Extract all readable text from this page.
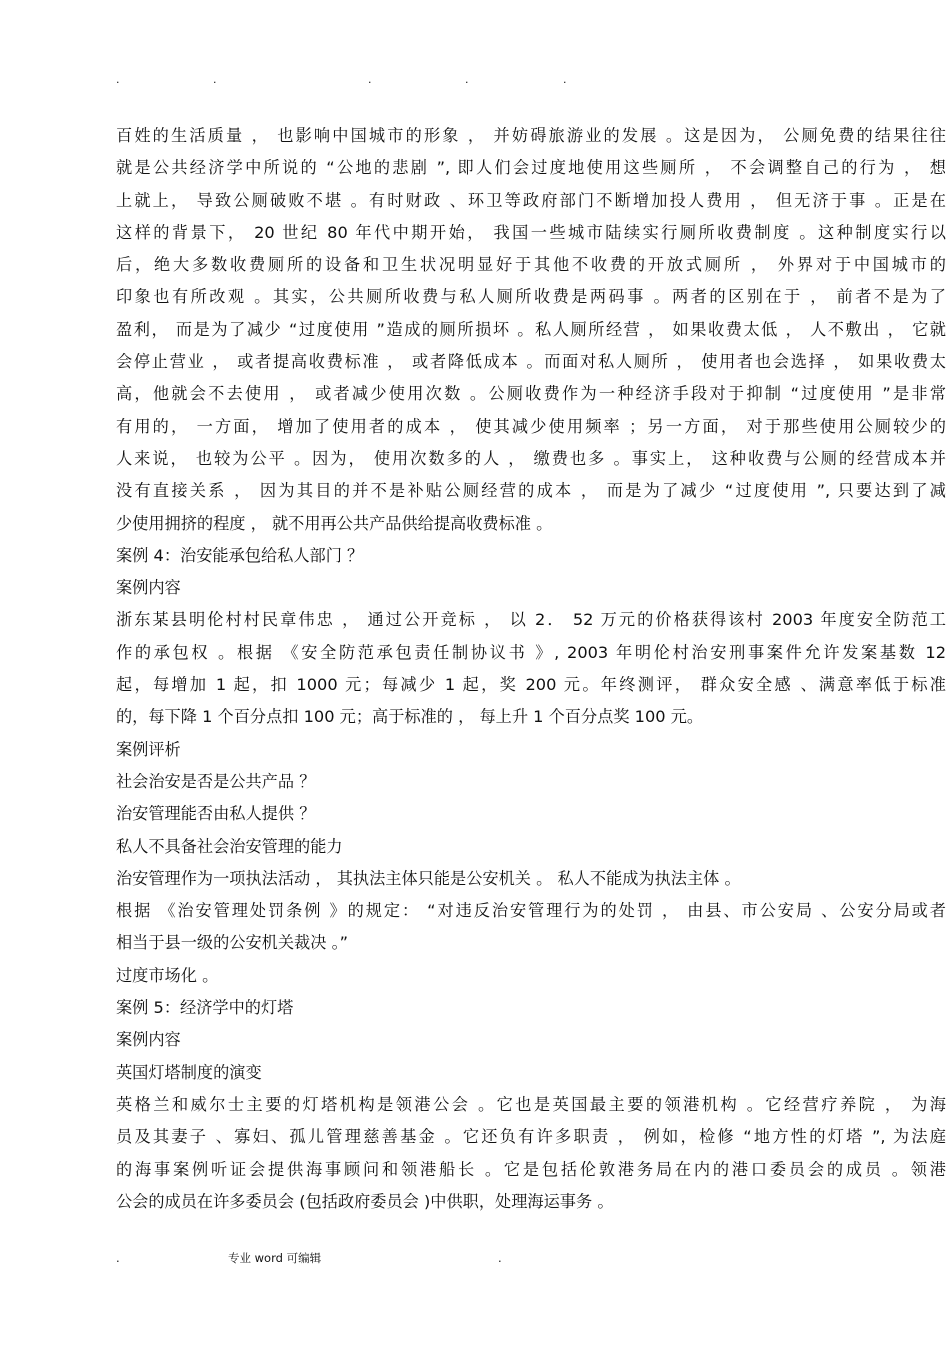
.	.	.	.	.
百姓的生活质量 ， 也影响中国城市的形象 ， 并妨碍旅游业的发展 。这是因为， 公厕免费的结果往往
就是公共经济学中所说的 “公地的悲剧 ”, 即人们会过度地使用这些厕所 ， 不会调整自己的行为 ， 想
上就上， 导致公厕破败不堪 。有时财政 、环卫等政府部门不断增加投人费用 ， 但无济于事 。正是在
这样的背景下， 20 世纪 80 年代中期开始， 我国一些城市陆续实行厕所收费制度 。这种制度实行以
后，绝大多数收费厕所的设备和卫生状况明显好于其他不收费的开放式厕所 ， 外界对于中国城市的
印象也有所改观 。其实，公共厕所收费与私人厕所收费是两码事 。两者的区别在于 ， 前者不是为了
盈利， 而是为了减少 “过度使用 ”造成的厕所损坏 。私人厕所经营 ， 如果收费太低 ， 人不敷出 ， 它就
会停止营业 ， 或者提高收费标准 ， 或者降低成本 。而面对私人厕所 ， 使用者也会选择 ， 如果收费太
高，他就会不去使用 ， 或者减少使用次数 。公厕收费作为一种经济手段对于抑制 “过度使用 ”是非常
有用的， 一方面， 增加了使用者的成本 ， 使其减少使用频率 ；另一方面， 对于那些使用公厕较少的
人来说， 也较为公平 。因为， 使用次数多的人 ， 缴费也多 。事实上， 这种收费与公厕的经营成本并
没有直接关系 ， 因为其目的并不是补贴公厕经营的成本 ， 而是为了减少 “过度使用 ”, 只要达到了减
少使用拥挤的程度 ， 就不用再公共产品供给提高收费标准 。
案例 4：治安能承包给私人部门 ？
案例内容
浙东某县明伦村村民章伟忠 ， 通过公开竞标 ， 以 2． 52 万元的价格获得该村 2003 年度安全防范工
作的承包权 。根据 《安全防范承包责任制协议书 》, 2003 年明伦村治安刑事案件允许发案基数 12
起，每增加 1 起，扣 1000 元；每减少 1 起，奖 200 元。年终测评， 群众安全感 、满意率低于标准
的，每下降 1 个百分点扣 100 元；高于标准的 ， 每上升 1 个百分点奖 100 元。
案例评析
社会治安是否是公共产品 ？
治安管理能否由私人提供 ？
私人不具备社会治安管理的能力
治安管理作为一项执法活动 ， 其执法主体只能是公安机关 。 私人不能成为执法主体 。
根据 《治安管理处罚条例 》的规定： “对违反治安管理行为的处罚 ， 由县、市公安局 、公安分局或者
相当于县一级的公安机关裁决 。”
过度市场化 。
案例 5：经济学中的灯塔
案例内容
英国灯塔制度的演变
英格兰和威尔士主要的灯塔机构是领港公会 。它也是英国最主要的领港机构 。它经营疗养院 ， 为海
员及其妻子 、寡妇、孤儿管理慈善基金 。它还负有许多职责 ， 例如，检修 “地方性的灯塔 ”, 为法庭
的海事案例听证会提供海事顾问和领港船长 。它是包括伦敦港务局在内的港口委员会的成员 。领港
公会的成员在许多委员会 (包括政府委员会 )中供职，处理海运事务 。
.	专业 word 可编辑	.
